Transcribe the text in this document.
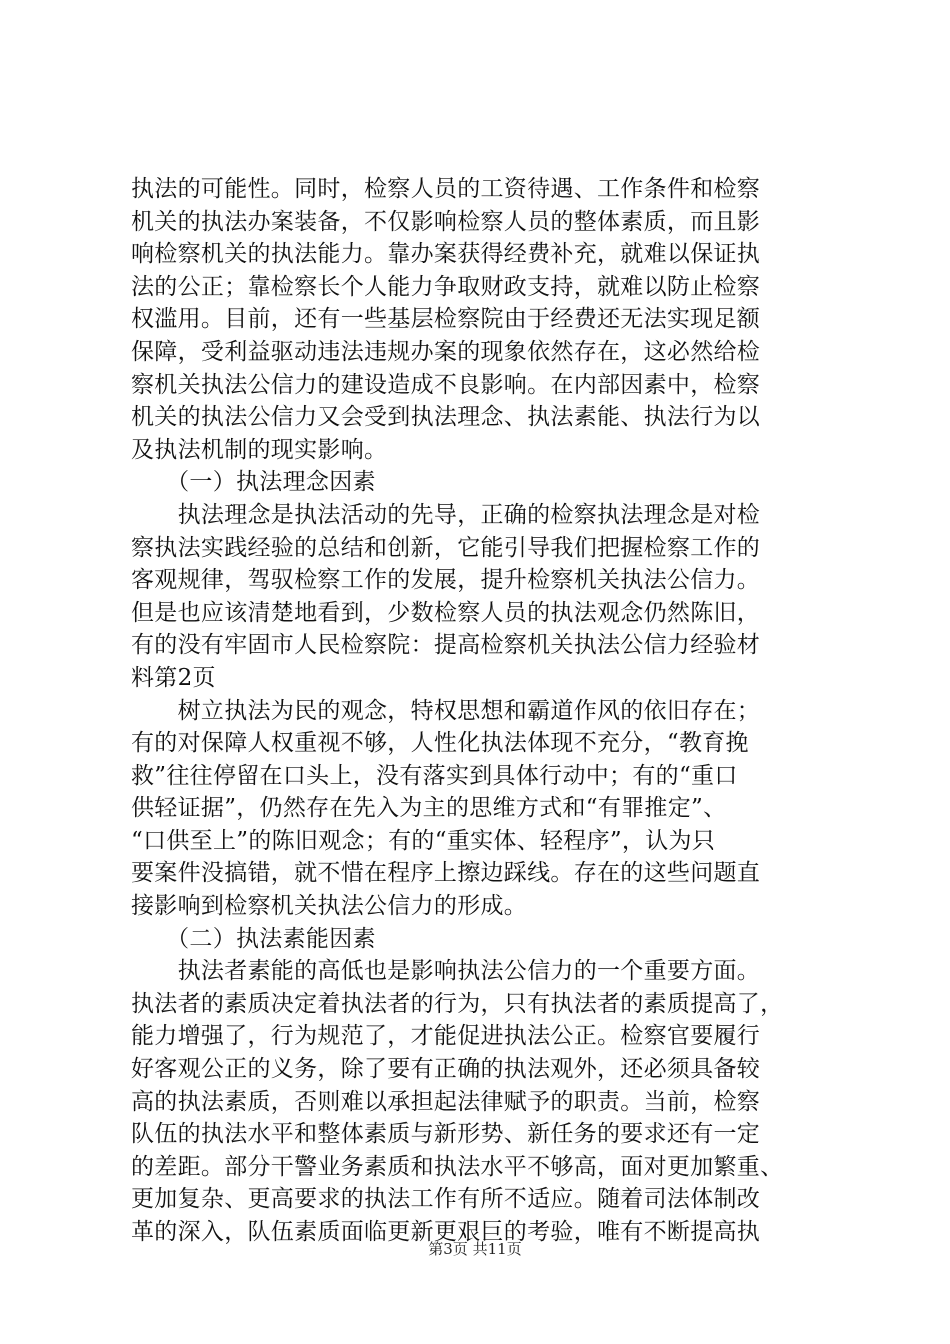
执法的可能性。同时，检察人员的工资待遇、工作条件和检察
机关的执法办案装备，不仅影响检察人员的整体素质，而且影
响检察机关的执法能力。靠办案获得经费补充，就难以保证执
法的公正；靠检察长个人能力争取财政支持，就难以防止检察
权滥用。目前，还有一些基层检察院由于经费还无法实现足额
保障，受利益驱动违法违规办案的现象依然存在，这必然给检
察机关执法公信力的建设造成不良影响。在内部因素中，检察
机关的执法公信力又会受到执法理念、执法素能、执法行为以
及执法机制的现实影响。
　　（一）执法理念因素
　　执法理念是执法活动的先导，正确的检察执法理念是对检
察执法实践经验的总结和创新，它能引导我们把握检察工作的
客观规律，驾驭检察工作的发展，提升检察机关执法公信力。
但是也应该清楚地看到，少数检察人员的执法观念仍然陈旧，
有的没有牢固市人民检察院：提高检察机关执法公信力经验材
料第2页
　　树立执法为民的观念，特权思想和霸道作风的依旧存在；
有的对保障人权重视不够，人性化执法体现不充分，“教育挽
救”往往停留在口头上，没有落实到具体行动中；有的“重口
供轻证据”，仍然存在先入为主的思维方式和“有罪推定”、
“口供至上”的陈旧观念；有的“重实体、轻程序”，认为只
要案件没搞错，就不惜在程序上擦边踩线。存在的这些问题直
接影响到检察机关执法公信力的形成。
　　（二）执法素能因素
　　执法者素能的高低也是影响执法公信力的一个重要方面。
执法者的素质决定着执法者的行为，只有执法者的素质提高了，
能力增强了，行为规范了，才能促进执法公正。检察官要履行
好客观公正的义务，除了要有正确的执法观外，还必须具备较
高的执法素质，否则难以承担起法律赋予的职责。当前，检察
队伍的执法水平和整体素质与新形势、新任务的要求还有一定
的差距。部分干警业务素质和执法水平不够高，面对更加繁重、
更加复杂、更高要求的执法工作有所不适应。随着司法体制改
革的深入，队伍素质面临更新更艰巨的考验，唯有不断提高执
第3页 共11页
